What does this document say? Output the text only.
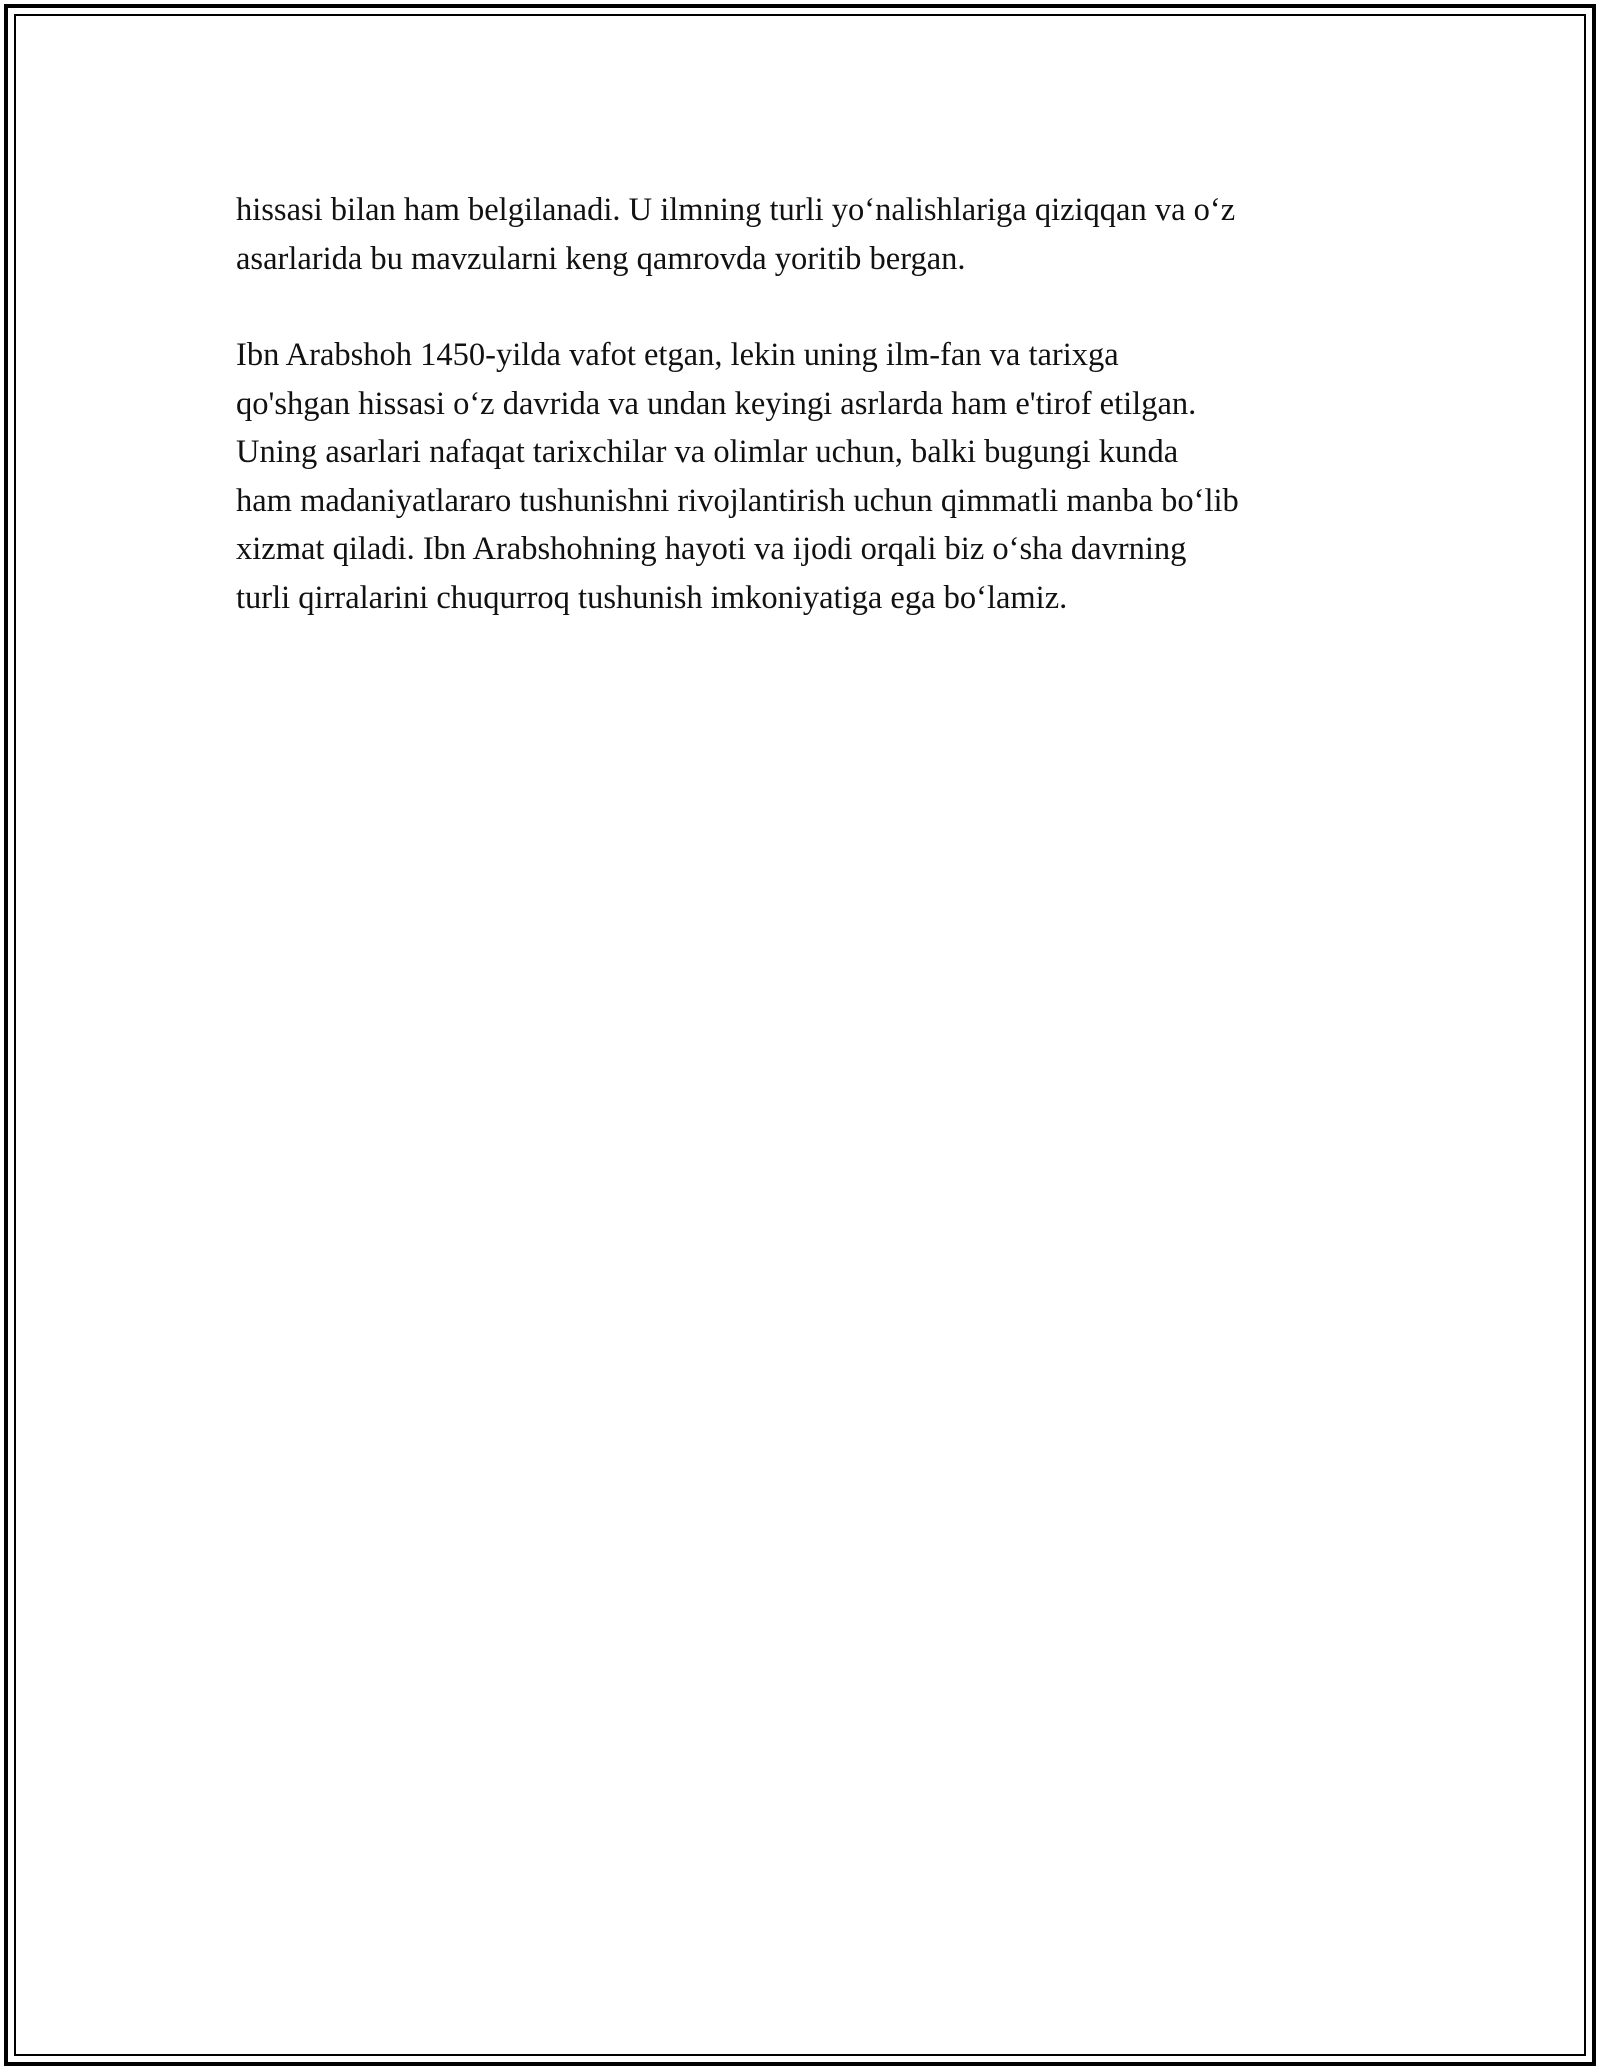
hissasi bilan ham belgilanadi. U ilmning turli yo‘nalishlariga qiziqqan va o‘z
asarlarida bu mavzularni keng qamrovda yoritib bergan.

Ibn Arabshoh 1450-yilda vafot etgan, lekin uning ilm-fan va tarixga
qo'shgan hissasi o‘z davrida va undan keyingi asrlarda ham e'tirof etilgan.
Uning asarlari nafaqat tarixchilar va olimlar uchun, balki bugungi kunda
ham madaniyatlararo tushunishni rivojlantirish uchun qimmatli manba bo‘lib
xizmat qiladi. Ibn Arabshohning hayoti va ijodi orqali biz o‘sha davrning
turli qirralarini chuqurroq tushunish imkoniyatiga ega bo‘lamiz.
